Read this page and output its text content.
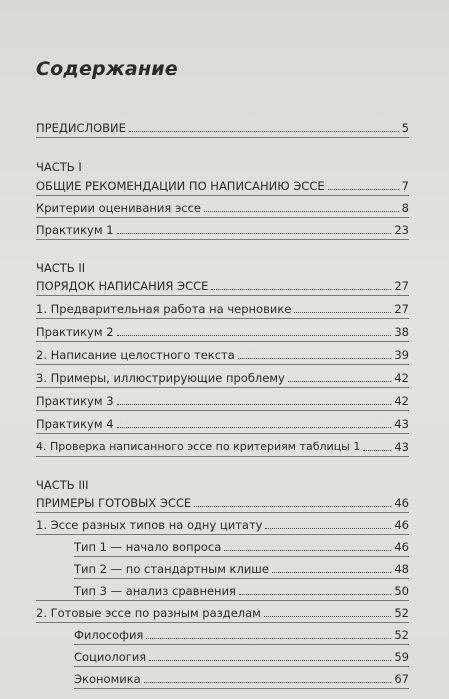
Содержание
ПРЕДИСЛОВИЕ	5
ЧАСТЬ I
ОБЩИЕ РЕКОМЕНДАЦИИ ПО НАПИСАНИЮ ЭССЕ	7
Критерии оценивания эссе	8
Практикум 1	23
ЧАСТЬ II
ПОРЯДОК НАПИСАНИЯ ЭССЕ	27
1. Предварительная работа на черновике	27
Практикум 2	38
2. Написание целостного текста	39
3. Примеры, иллюстрирующие проблему	42
Практикум 3	42
Практикум 4	43
4. Проверка написанного эссе по критериям таблицы 1	43
ЧАСТЬ III
ПРИМЕРЫ ГОТОВЫХ ЭССЕ	46
1. Эссе разных типов на одну цитату	46
Тип 1 — начало вопроса	46
Тип 2 — по стандартным клише	48
Тип 3 — анализ сравнения	50
2. Готовые эссе по разным разделам	52
Философия	52
Социология	59
Экономика	67
